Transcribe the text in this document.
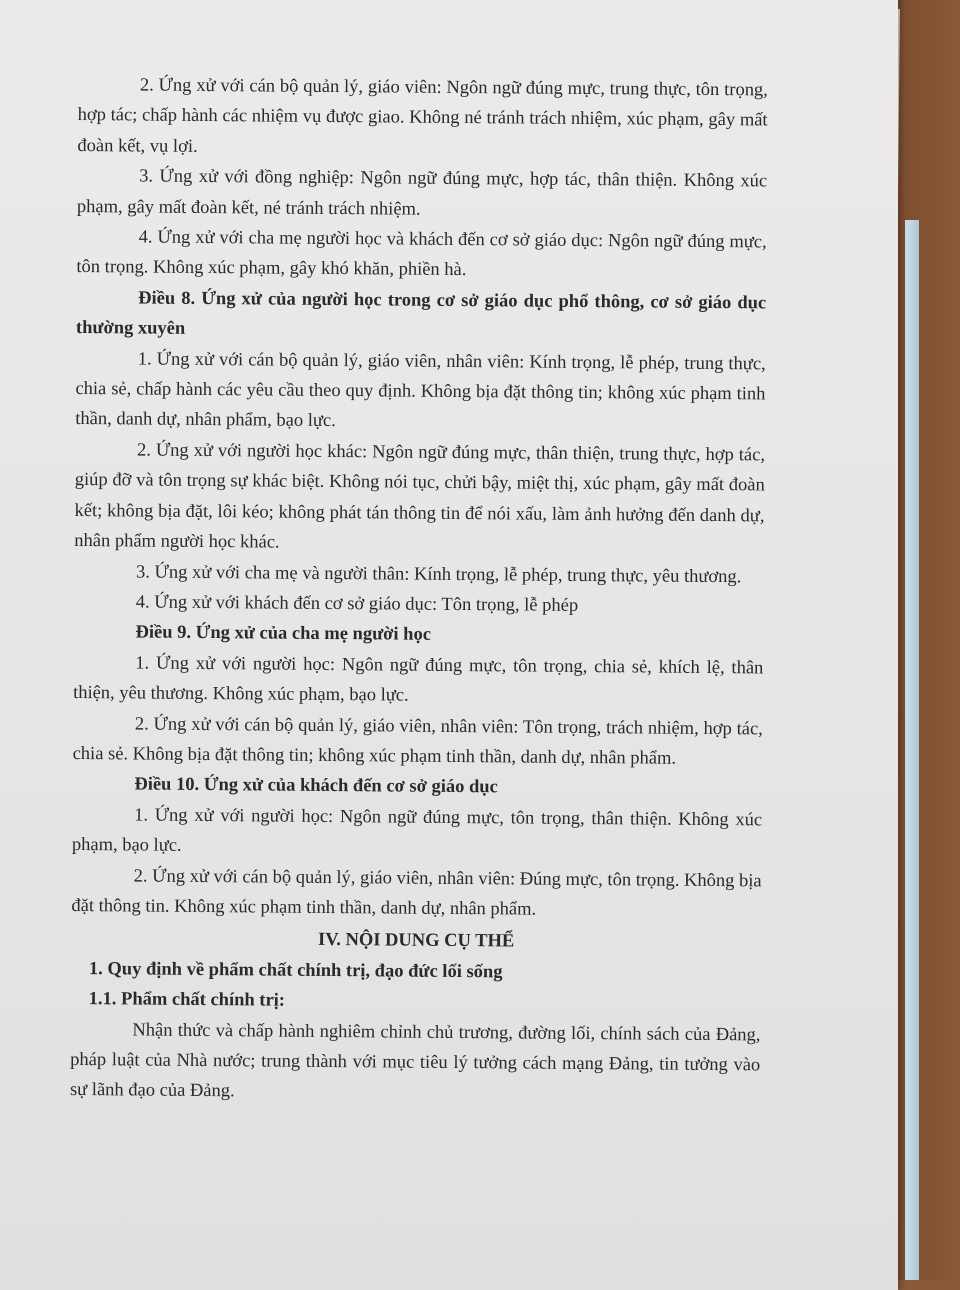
2. Ứng xử với cán bộ quản lý, giáo viên: Ngôn ngữ đúng mực, trung thực, tôn trọng, hợp tác; chấp hành các nhiệm vụ được giao. Không né tránh trách nhiệm, xúc phạm, gây mất đoàn kết, vụ lợi.

3. Ứng xử với đồng nghiệp: Ngôn ngữ đúng mực, hợp tác, thân thiện. Không xúc phạm, gây mất đoàn kết, né tránh trách nhiệm.

4. Ứng xử với cha mẹ người học và khách đến cơ sở giáo dục: Ngôn ngữ đúng mực, tôn trọng. Không xúc phạm, gây khó khăn, phiền hà.

Điều 8. Ứng xử của người học trong cơ sở giáo dục phổ thông, cơ sở giáo dục thường xuyên

1. Ứng xử với cán bộ quản lý, giáo viên, nhân viên: Kính trọng, lễ phép, trung thực, chia sẻ, chấp hành các yêu cầu theo quy định. Không bịa đặt thông tin; không xúc phạm tinh thần, danh dự, nhân phẩm, bạo lực.

2. Ứng xử với người học khác: Ngôn ngữ đúng mực, thân thiện, trung thực, hợp tác, giúp đỡ và tôn trọng sự khác biệt. Không nói tục, chửi bậy, miệt thị, xúc phạm, gây mất đoàn kết; không bịa đặt, lôi kéo; không phát tán thông tin để nói xấu, làm ảnh hưởng đến danh dự, nhân phẩm người học khác.

3. Ứng xử với cha mẹ và người thân: Kính trọng, lễ phép, trung thực, yêu thương.

4. Ứng xử với khách đến cơ sở giáo dục: Tôn trọng, lễ phép

Điều 9. Ứng xử của cha mẹ người học

1. Ứng xử với người học: Ngôn ngữ đúng mực, tôn trọng, chia sẻ, khích lệ, thân thiện, yêu thương. Không xúc phạm, bạo lực.

2. Ứng xử với cán bộ quản lý, giáo viên, nhân viên: Tôn trọng, trách nhiệm, hợp tác, chia sẻ. Không bịa đặt thông tin; không xúc phạm tinh thần, danh dự, nhân phẩm.

Điều 10. Ứng xử của khách đến cơ sở giáo dục

1. Ứng xử với người học: Ngôn ngữ đúng mực, tôn trọng, thân thiện. Không xúc phạm, bạo lực.

2. Ứng xử với cán bộ quản lý, giáo viên, nhân viên: Đúng mực, tôn trọng. Không bịa đặt thông tin. Không xúc phạm tinh thần, danh dự, nhân phẩm.

IV. NỘI DUNG CỤ THỂ

1. Quy định về phẩm chất chính trị, đạo đức lối sống

1.1. Phẩm chất chính trị:

Nhận thức và chấp hành nghiêm chỉnh chủ trương, đường lối, chính sách của Đảng, pháp luật của Nhà nước; trung thành với mục tiêu lý tưởng cách mạng Đảng, tin tưởng vào sự lãnh đạo của Đảng.
